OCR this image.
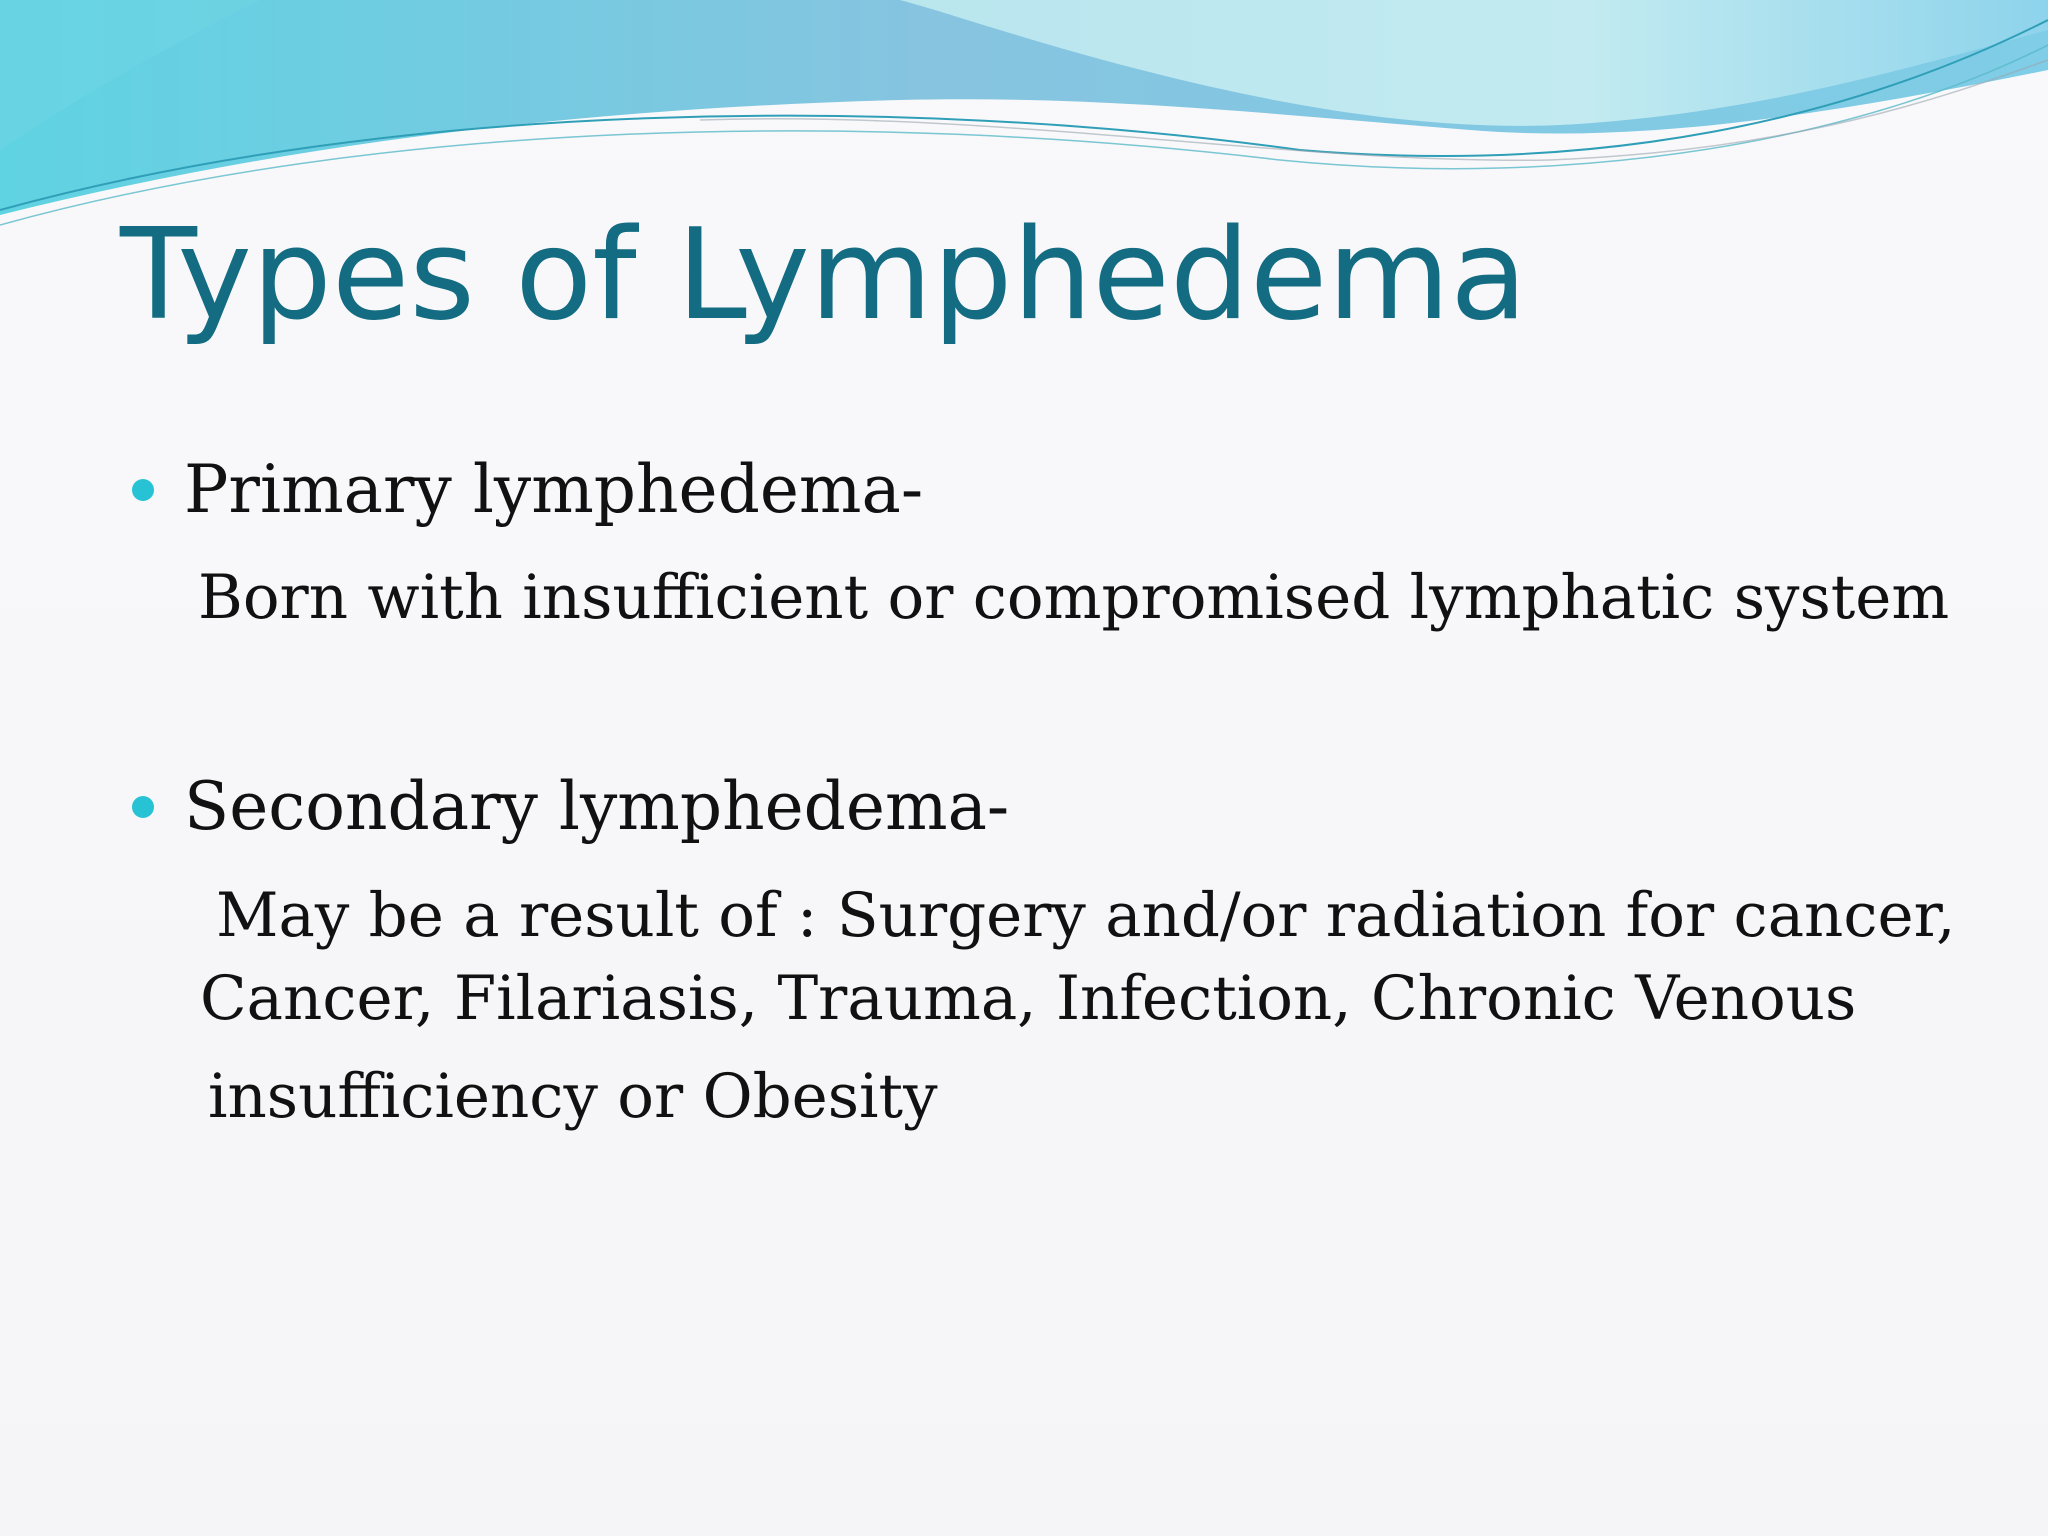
Types of Lymphedema

Primary lymphedema-

Born with insufficient or compromised lymphatic system

Secondary lymphedema-

May be a result of : Surgery and/or radiation for cancer,

Cancer, Filariasis, Trauma, Infection, Chronic Venous

insufficiency or Obesity
